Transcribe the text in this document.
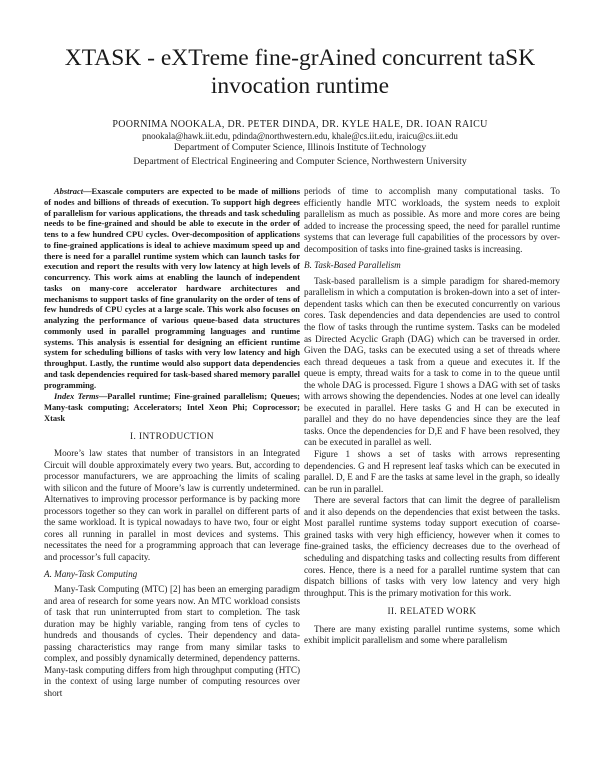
XTASK - eXTreme fine-grAined concurrent taSK invocation runtime
POORNIMA NOOKALA, DR. PETER DINDA, DR. KYLE HALE, DR. IOAN RAICU
pnookala@hawk.iit.edu, pdinda@northwestern.edu, khale@cs.iit.edu, iraicu@cs.iit.edu
Department of Computer Science, Illinois Institute of Technology
Department of Electrical Engineering and Computer Science, Northwestern University

Abstract—Exascale computers are expected to be made of millions of nodes and billions of threads of execution. To support high degrees of parallelism for various applications, the threads and task scheduling needs to be fine-grained and should be able to execute in the order of tens to a few hundred CPU cycles. Over-decomposition of applications to fine-grained applications is ideal to achieve maximum speed up and there is need for a parallel runtime system which can launch tasks for execution and report the results with very low latency at high levels of concurrency. This work aims at enabling the launch of independent tasks on many-core accelerator hardware architectures and mechanisms to support tasks of fine granularity on the order of tens of few hundreds of CPU cycles at a large scale. This work also focuses on analyzing the performance of various queue-based data structures commonly used in parallel programming languages and runtime systems. This analysis is essential for designing an efficient runtime system for scheduling billions of tasks with very low latency and high throughput. Lastly, the runtime would also support data dependencies and task dependencies required for task-based shared memory parallel programming.

Index Terms—Parallel runtime; Fine-grained parallelism; Queues; Many-task computing; Accelerators; Intel Xeon Phi; Coprocessor; Xtask

I. INTRODUCTION

Moore’s law states that number of transistors in an Integrated Circuit will double approximately every two years. But, according to processor manufacturers, we are approaching the limits of scaling with silicon and the future of Moore’s law is currently undetermined. Alternatives to improving processor performance is by packing more processors together so they can work in parallel on different parts of the same workload. It is typical nowadays to have two, four or eight cores all running in parallel in most devices and systems. This necessitates the need for a programming approach that can leverage and processor’s full capacity.

A. Many-Task Computing

Many-Task Computing (MTC) [2] has been an emerging paradigm and area of research for some years now. An MTC workload consists of task that run uninterrupted from start to completion. The task duration may be highly variable, ranging from tens of cycles to hundreds and thousands of cycles. Their dependency and data-passing characteristics may range from many similar tasks to complex, and possibly dynamically determined, dependency patterns. Many-task computing differs from high throughput computing (HTC) in the context of using large number of computing resources over short

periods of time to accomplish many computational tasks. To efficiently handle MTC workloads, the system needs to exploit parallelism as much as possible. As more and more cores are being added to increase the processing speed, the need for parallel runtime systems that can leverage full capabilities of the processors by over-decomposition of tasks into fine-grained tasks is increasing.

B. Task-Based Parallelism

Task-based parallelism is a simple paradigm for shared-memory parallelism in which a computation is broken-down into a set of inter-dependent tasks which can then be executed concurrently on various cores. Task dependencies and data dependencies are used to control the flow of tasks through the runtime system. Tasks can be modeled as Directed Acyclic Graph (DAG) which can be traversed in order. Given the DAG, tasks can be executed using a set of threads where each thread dequeues a task from a queue and executes it. If the queue is empty, thread waits for a task to come in to the queue until the whole DAG is processed. Figure 1 shows a DAG with set of tasks with arrows showing the dependencies. Nodes at one level can ideally be executed in parallel. Here tasks G and H can be executed in parallel and they do no have dependencies since they are the leaf tasks. Once the dependencies for D,E and F have been resolved, they can be executed in parallel as well.

Figure 1 shows a set of tasks with arrows representing dependencies. G and H represent leaf tasks which can be executed in parallel. D, E and F are the tasks at same level in the graph, so ideally can be run in parallel.

There are several factors that can limit the degree of parallelism and it also depends on the dependencies that exist between the tasks. Most parallel runtime systems today support execution of coarse-grained tasks with very high efficiency, however when it comes to fine-grained tasks, the efficiency decreases due to the overhead of scheduling and dispatching tasks and collecting results from different cores. Hence, there is a need for a parallel runtime system that can dispatch billions of tasks with very low latency and very high throughput. This is the primary motivation for this work.

II. RELATED WORK

There are many existing parallel runtime systems, some which exhibit implicit parallelism and some where parallelism
